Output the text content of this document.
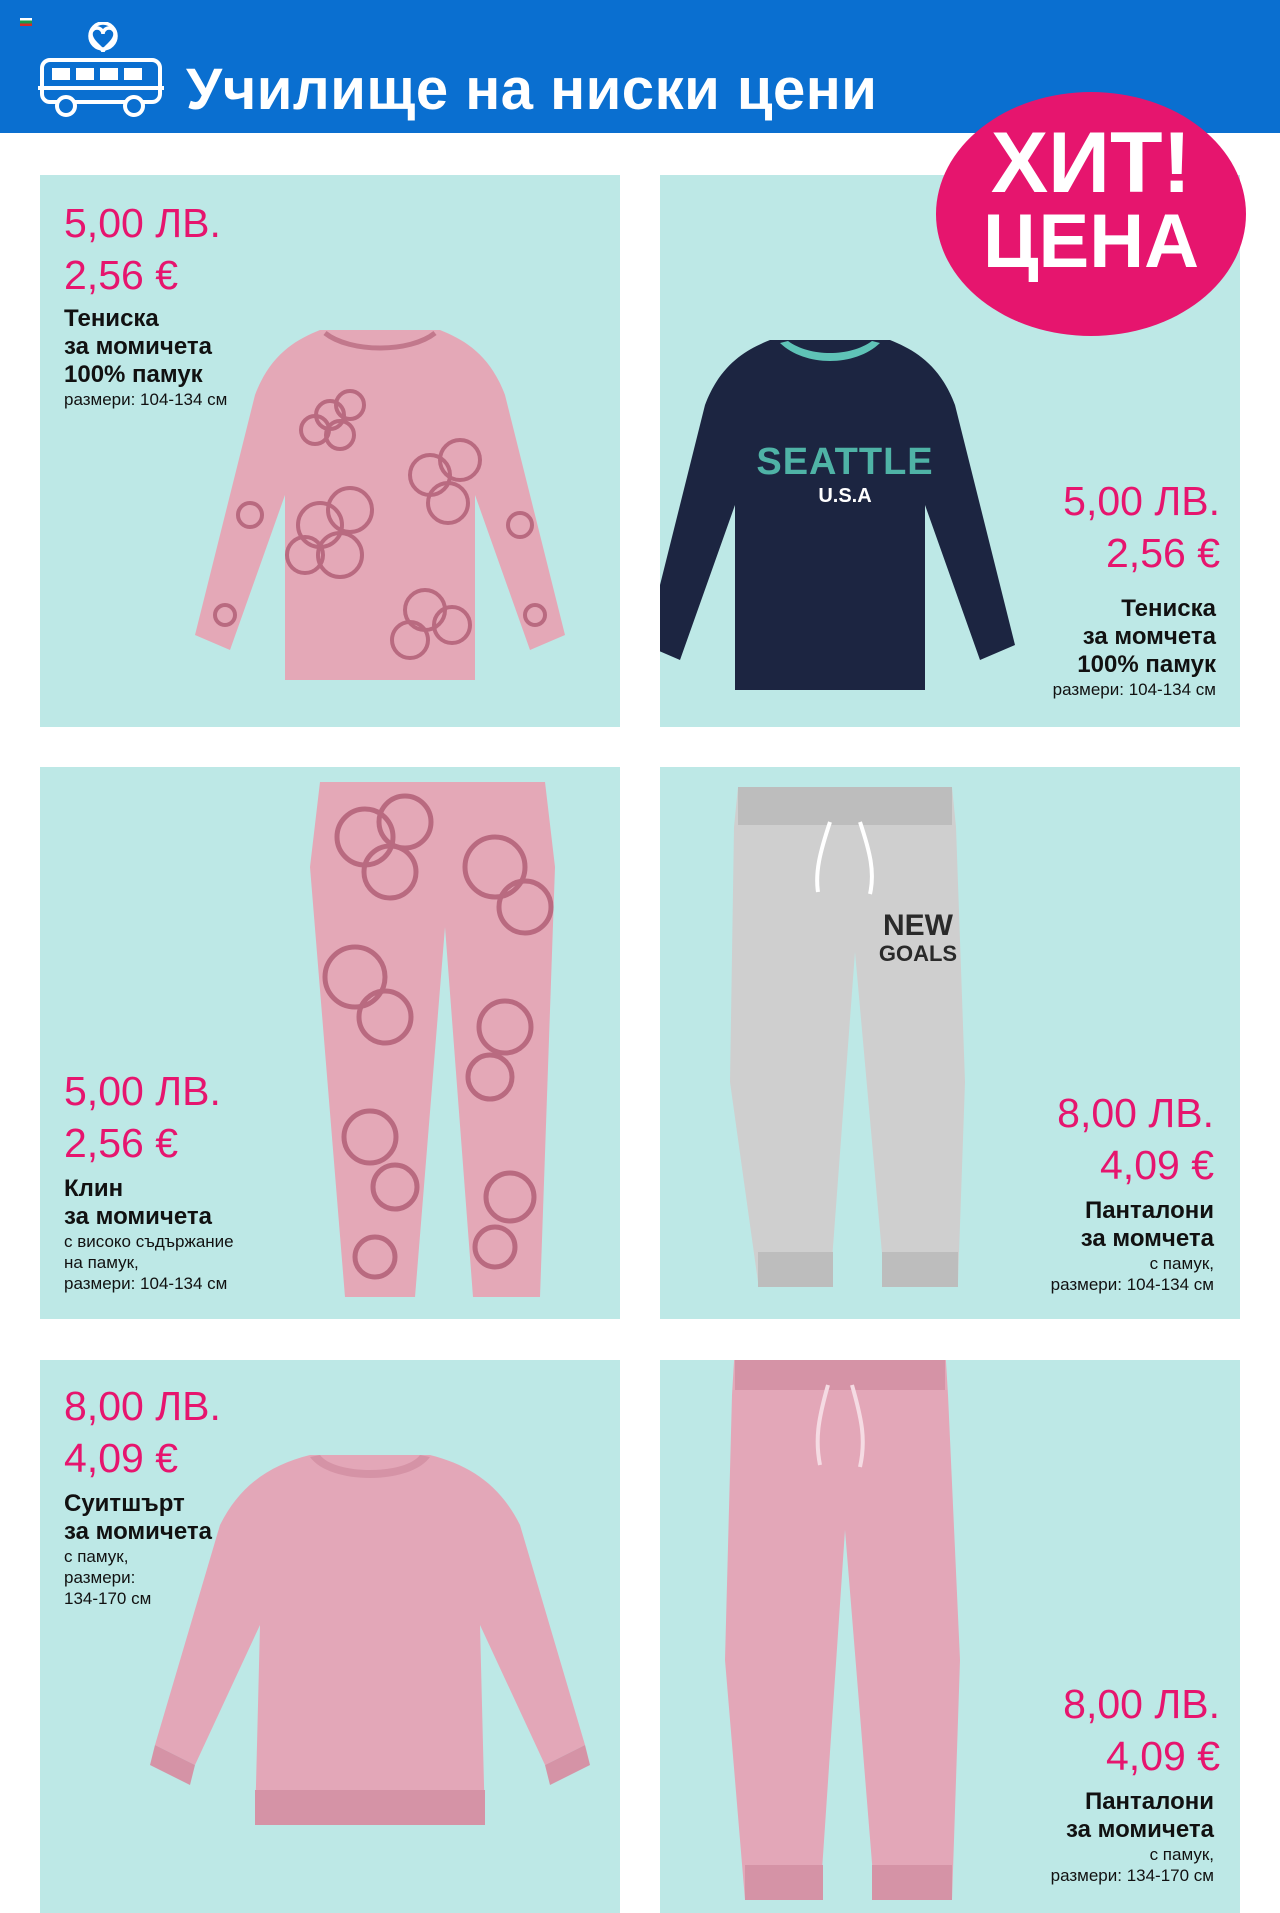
Училище на ниски цени
5,00 ЛВ.
2,56 €
Тениска
за момичета
100% памук
размери: 104-134 см
SEATTLE
U.S.A	5,00 ЛВ.
2,56 €
Тениска
за момчета
100% памук
размери: 104-134 см
5,00 ЛВ.
2,56 €
Клин
за момичета
с високо съдържание
на памук,
размери: 104-134 см
NEW
GOALS
8,00 ЛВ.
4,09 €
Панталони
за момчета
с памук,
размери: 104-134 см
8,00 ЛВ.
4,09 €
Суитшърт
за момичета
с памук,
размери:
134-170 см
8,00 ЛВ.
4,09 €
Панталони
за момичета
с памук,
размери: 134-170 см
ХИТ!
ЦЕНА
